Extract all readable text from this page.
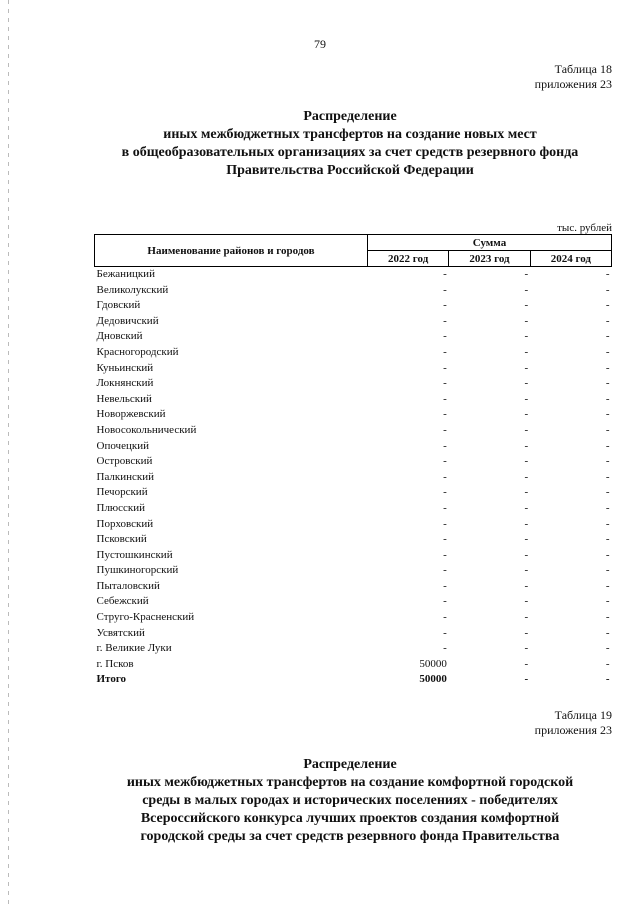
79
Таблица 18
приложения 23
Распределение
иных межбюджетных трансфертов на создание новых мест
в общеобразовательных организациях за счет средств резервного фонда
Правительства Российской Федерации
тыс. рублей
Наименование районов и городов	Сумма		
	2022 год	2023 год	2024 год
Бежаницкий	-	-	-
Великолукский	-	-	-
Гдовский	-	-	-
Дедовичский	-	-	-
Дновский	-	-	-
Красногородский	-	-	-
Куньинский	-	-	-
Локнянский	-	-	-
Невельский	-	-	-
Новоржевский	-	-	-
Новосокольнический	-	-	-
Опочецкий	-	-	-
Островский	-	-	-
Палкинский	-	-	-
Печорский	-	-	-
Плюсский	-	-	-
Порховский	-	-	-
Псковский	-	-	-
Пустошкинский	-	-	-
Пушкиногорский	-	-	-
Пыталовский	-	-	-
Себежский	-	-	-
Струго-Красненский	-	-	-
Усвятский	-	-	-
г. Великие Луки	-	-	-
г. Псков	50000	-	-
Итого	50000	-	-
Таблица 19
приложения 23
Распределение
иных межбюджетных трансфертов на создание комфортной городской
среды в малых городах и исторических поселениях - победителях
Всероссийского конкурса лучших проектов создания комфортной
городской среды за счет средств резервного фонда Правительства
